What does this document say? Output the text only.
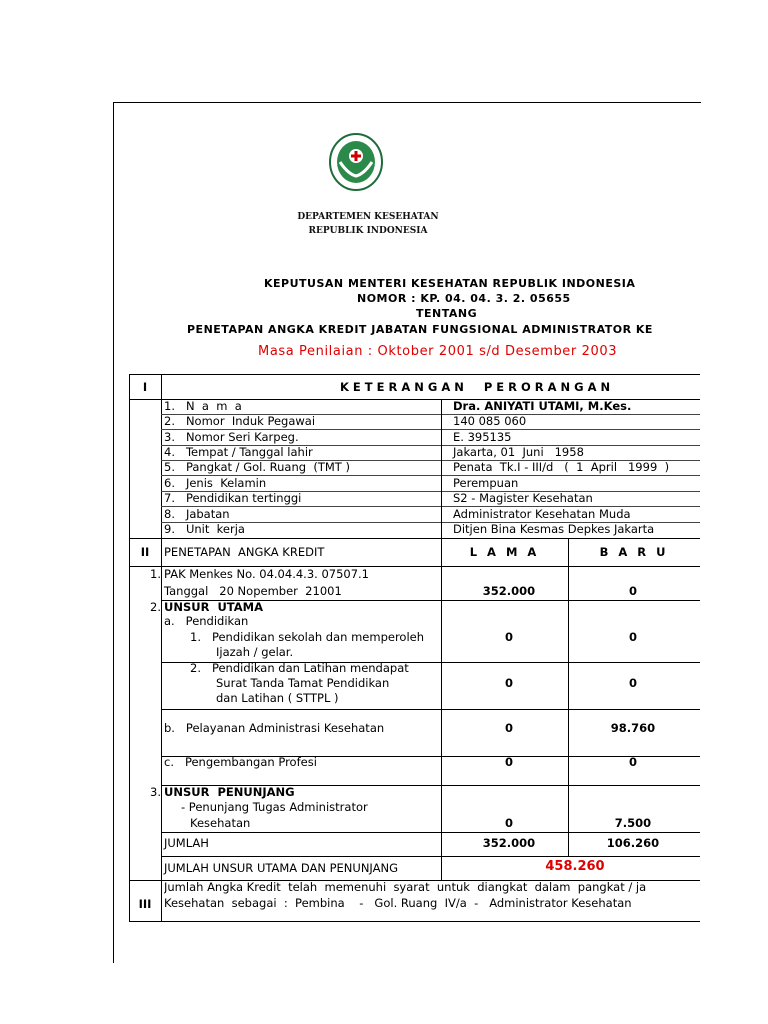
DEPARTEMEN KESEHATAN
REPUBLIK INDONESIA
KEPUTUSAN MENTERI KESEHATAN REPUBLIK INDONESIA
NOMOR : KP. 04. 04. 3. 2. 05655
TENTANG
PENETAPAN ANGKA KREDIT JABATAN FUNGSIONAL ADMINISTRATOR KE
Masa Penilaian : Oktober 2001 s/d Desember 2003
I	K E T E R A N G A N     P E R O R A N G A N
1.   N  a  m  a	Dra. ANIYATI UTAMI, M.Kes.
2.   Nomor  Induk Pegawai	140 085 060
3.   Nomor Seri Karpeg.	E. 395135
4.   Tempat / Tanggal lahir	Jakarta, 01  Juni   1958
5.   Pangkat / Gol. Ruang  (TMT )	Penata  Tk.I - III/d   (  1  April   1999  )
6.   Jenis  Kelamin	Perempuan
7.   Pendidikan tertinggi	S2 - Magister Kesehatan
8.   Jabatan	Administrator Kesehatan Muda
9.   Unit  kerja	Ditjen Bina Kesmas Depkes Jakarta
II	PENETAPAN  ANGKA KREDIT	L A M A	B A R U
1. PAK Menkes No. 04.04.4.3. 07507.1
Tanggal   20 Nopember  21001	352.000	0
2. UNSUR  UTAMA
a.   Pendidikan
1.   Pendidikan sekolah dan memperoleh
Ijazah / gelar.
0	0
2.   Pendidikan dan Latihan mendapat
Surat Tanda Tamat Pendidikan
dan Latihan ( STTPL )
0	0
b.   Pelayanan Administrasi Kesehatan	0	98.760
c.   Pengembangan Profesi	0	0
3. UNSUR  PENUNJANG
- Penunjang Tugas Administrator
Kesehatan	0	7.500
JUMLAH	352.000	106.260
JUMLAH UNSUR UTAMA DAN PENUNJANG	458.260
III
Jumlah Angka Kredit  telah  memenuhi  syarat  untuk  diangkat  dalam  pangkat / ja
Kesehatan  sebagai  :  Pembina    -   Gol. Ruang  IV/a  -   Administrator Kesehatan
